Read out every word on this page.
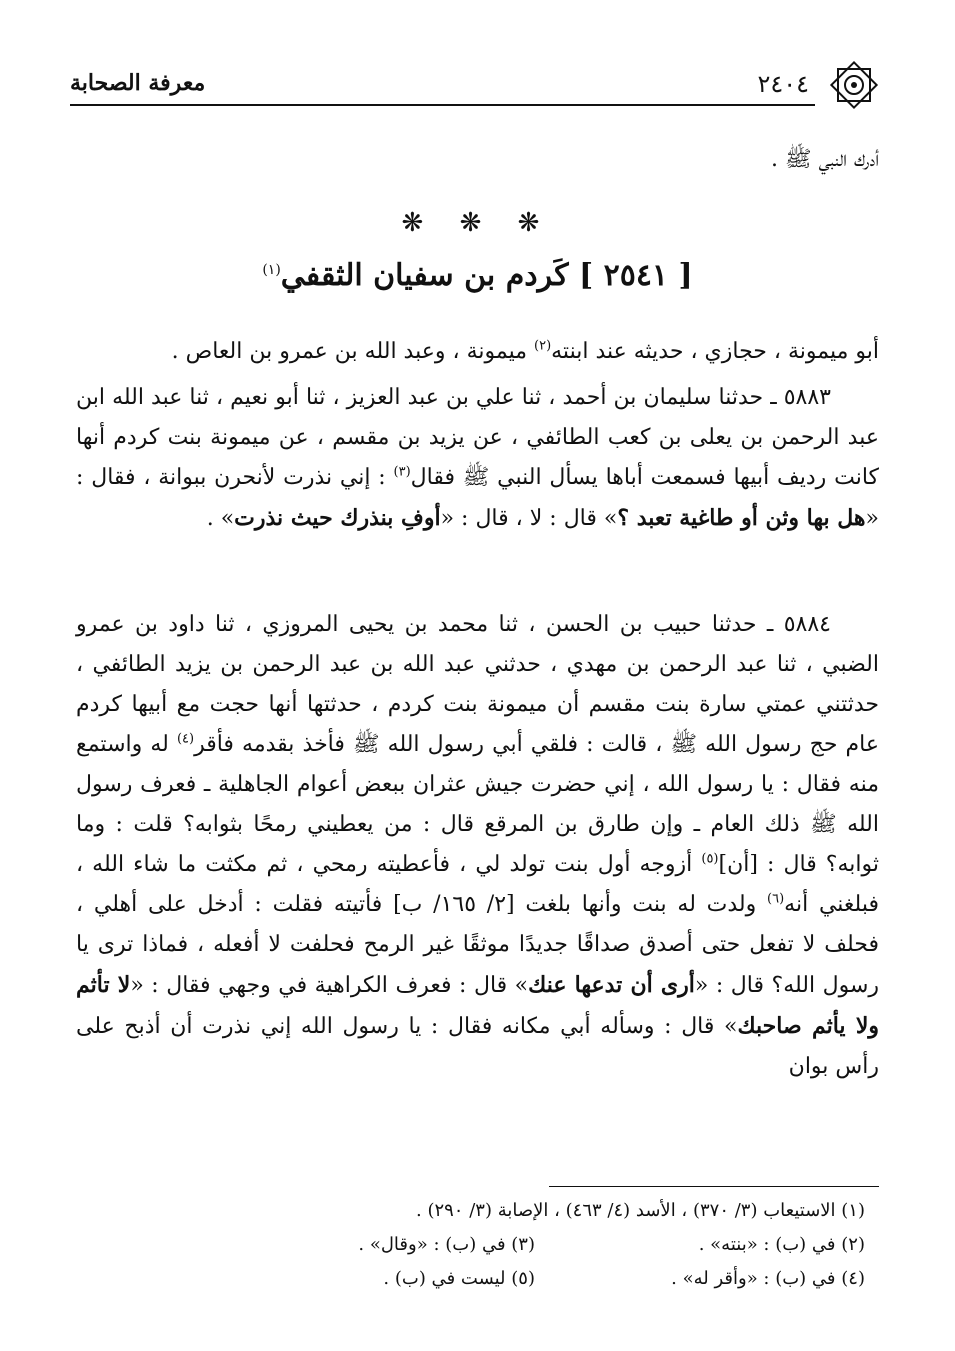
٢٤٠٤
معرفة الصحابة
أدرك النبي ﷺ .
❋ ❋ ❋
[ ٢٥٤١ ] كَردم بن سفيان الثقفي$^{(١)}$

أبو ميمونة ، حجازي ، حديثه عند ابنته$^{(٢)}$ ميمونة ، وعبد الله بن عمرو بن العاص .

٥٨٨٣ ـ حدثنا سليمان بن أحمد ، ثنا علي بن عبد العزيز ، ثنا أبو نعيم ، ثنا عبد الله ابن عبد الرحمن بن يعلى بن كعب الطائفي ، عن يزيد بن مقسم ، عن ميمونة بنت كردم أنها كانت رديف أبيها فسمعت أباها يسأل النبي ﷺ فقال$^{(٣)}$ : إني نذرت لأنحرن ببوانة ، فقال : «هل بها وثن أو طاغية تعبد ؟» قال : لا ، قال : «أوفِ بنذرك حيث نذرت» .

٥٨٨٤ ـ حدثنا حبيب بن الحسن ، ثنا محمد بن يحيى المروزي ، ثنا داود بن عمرو الضبي ، ثنا عبد الرحمن بن مهدي ، حدثني عبد الله بن عبد الرحمن بن يزيد الطائفي ، حدثتني عمتي سارة بنت مقسم أن ميمونة بنت كردم ، حدثتها أنها حجت مع أبيها كردم عام حج رسول الله ﷺ ، قالت : فلقي أبي رسول الله ﷺ فأخذ بقدمه فأقر$^{(٤)}$ له واستمع منه فقال : يا رسول الله ، إني حضرت جيش عثران ببعض أعوام الجاهلية ـ فعرف رسول الله ﷺ ذلك العام ـ وإن طارق بن المرقع قال : من يعطيني رمحًا بثوابه؟ قلت : وما ثوابه؟ قال : [أن]$^{(٥)}$ أزوجه أول بنت تولد لي ، فأعطيته رمحي ، ثم مكثت ما شاء الله ، فبلغني أنه$^{(٦)}$ ولدت له بنت وأنها بلغت [٢/ ١٦٥/ ب] فأتيته فقلت : أدخل على أهلي ، فحلف لا تفعل حتى أصدق صداقًا جديدًا موثقًا غير الرمح فحلفت لا أفعله ، فماذا ترى يا رسول الله؟ قال : «أرى أن تدعها عنك» قال : فعرف الكراهية في وجهي فقال : «لا تأثم ولا يأثم صاحبك» قال : وسأله أبي مكانه فقال : يا رسول الله إني نذرت أن أذبح على رأس بوان

(١) الاستيعاب (٣/ ٣٧٠) ، الأسد (٤/ ٤٦٣) ، الإصابة (٣/ ٢٩٠) .
(٢) في (ب) : «بنته» .
(٣) في (ب) : «وقال» .
(٤) في (ب) : «وأقر له» .
(٥) ليست في (ب) .
